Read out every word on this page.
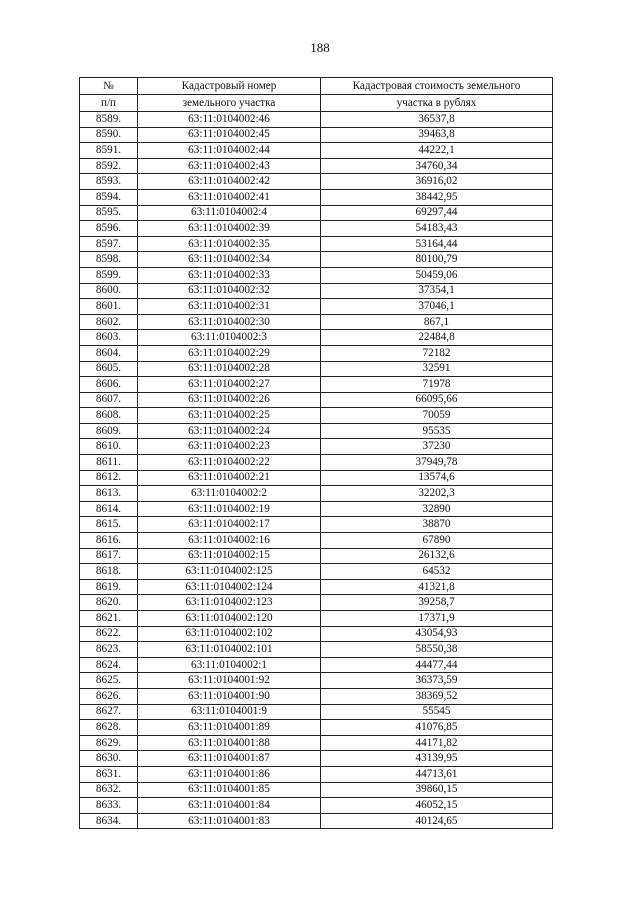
188
№	Кадастровый номер	Кадастровая стоимость земельного
п/п	земельного участка	участка в рублях
8589.	63:11:0104002:46	36537,8
8590.	63:11:0104002:45	39463,8
8591.	63:11:0104002:44	44222,1
8592.	63:11:0104002:43	34760,34
8593.	63:11:0104002:42	36916,02
8594.	63:11:0104002:41	38442,95
8595.	63:11:0104002:4	69297,44
8596.	63:11:0104002:39	54183,43
8597.	63:11:0104002:35	53164,44
8598.	63:11:0104002:34	80100,79
8599.	63:11:0104002:33	50459,06
8600.	63:11:0104002:32	37354,1
8601.	63:11:0104002:31	37046,1
8602.	63:11:0104002:30	867,1
8603.	63:11:0104002:3	22484,8
8604.	63:11:0104002:29	72182
8605.	63:11:0104002:28	32591
8606.	63:11:0104002:27	71978
8607.	63:11:0104002:26	66095,66
8608.	63:11:0104002:25	70059
8609.	63:11:0104002:24	95535
8610.	63:11:0104002:23	37230
8611.	63:11:0104002:22	37949,78
8612.	63:11:0104002:21	13574,6
8613.	63:11:0104002:2	32202,3
8614.	63:11:0104002:19	32890
8615.	63:11:0104002:17	38870
8616.	63:11:0104002:16	67890
8617.	63:11:0104002:15	26132,6
8618.	63:11:0104002:125	64532
8619.	63:11:0104002:124	41321,8
8620.	63:11:0104002:123	39258,7
8621.	63:11:0104002:120	17371,9
8622.	63:11:0104002:102	43054,93
8623.	63:11:0104002:101	58550,38
8624.	63:11:0104002:1	44477,44
8625.	63:11:0104001:92	36373,59
8626.	63:11:0104001:90	38369,52
8627.	63:11:0104001:9	55545
8628.	63:11:0104001:89	41076,85
8629.	63:11:0104001:88	44171,82
8630.	63:11:0104001:87	43139,95
8631.	63:11:0104001:86	44713,61
8632.	63:11:0104001:85	39860,15
8633.	63:11:0104001:84	46052,15
8634.	63:11:0104001:83	40124,65
